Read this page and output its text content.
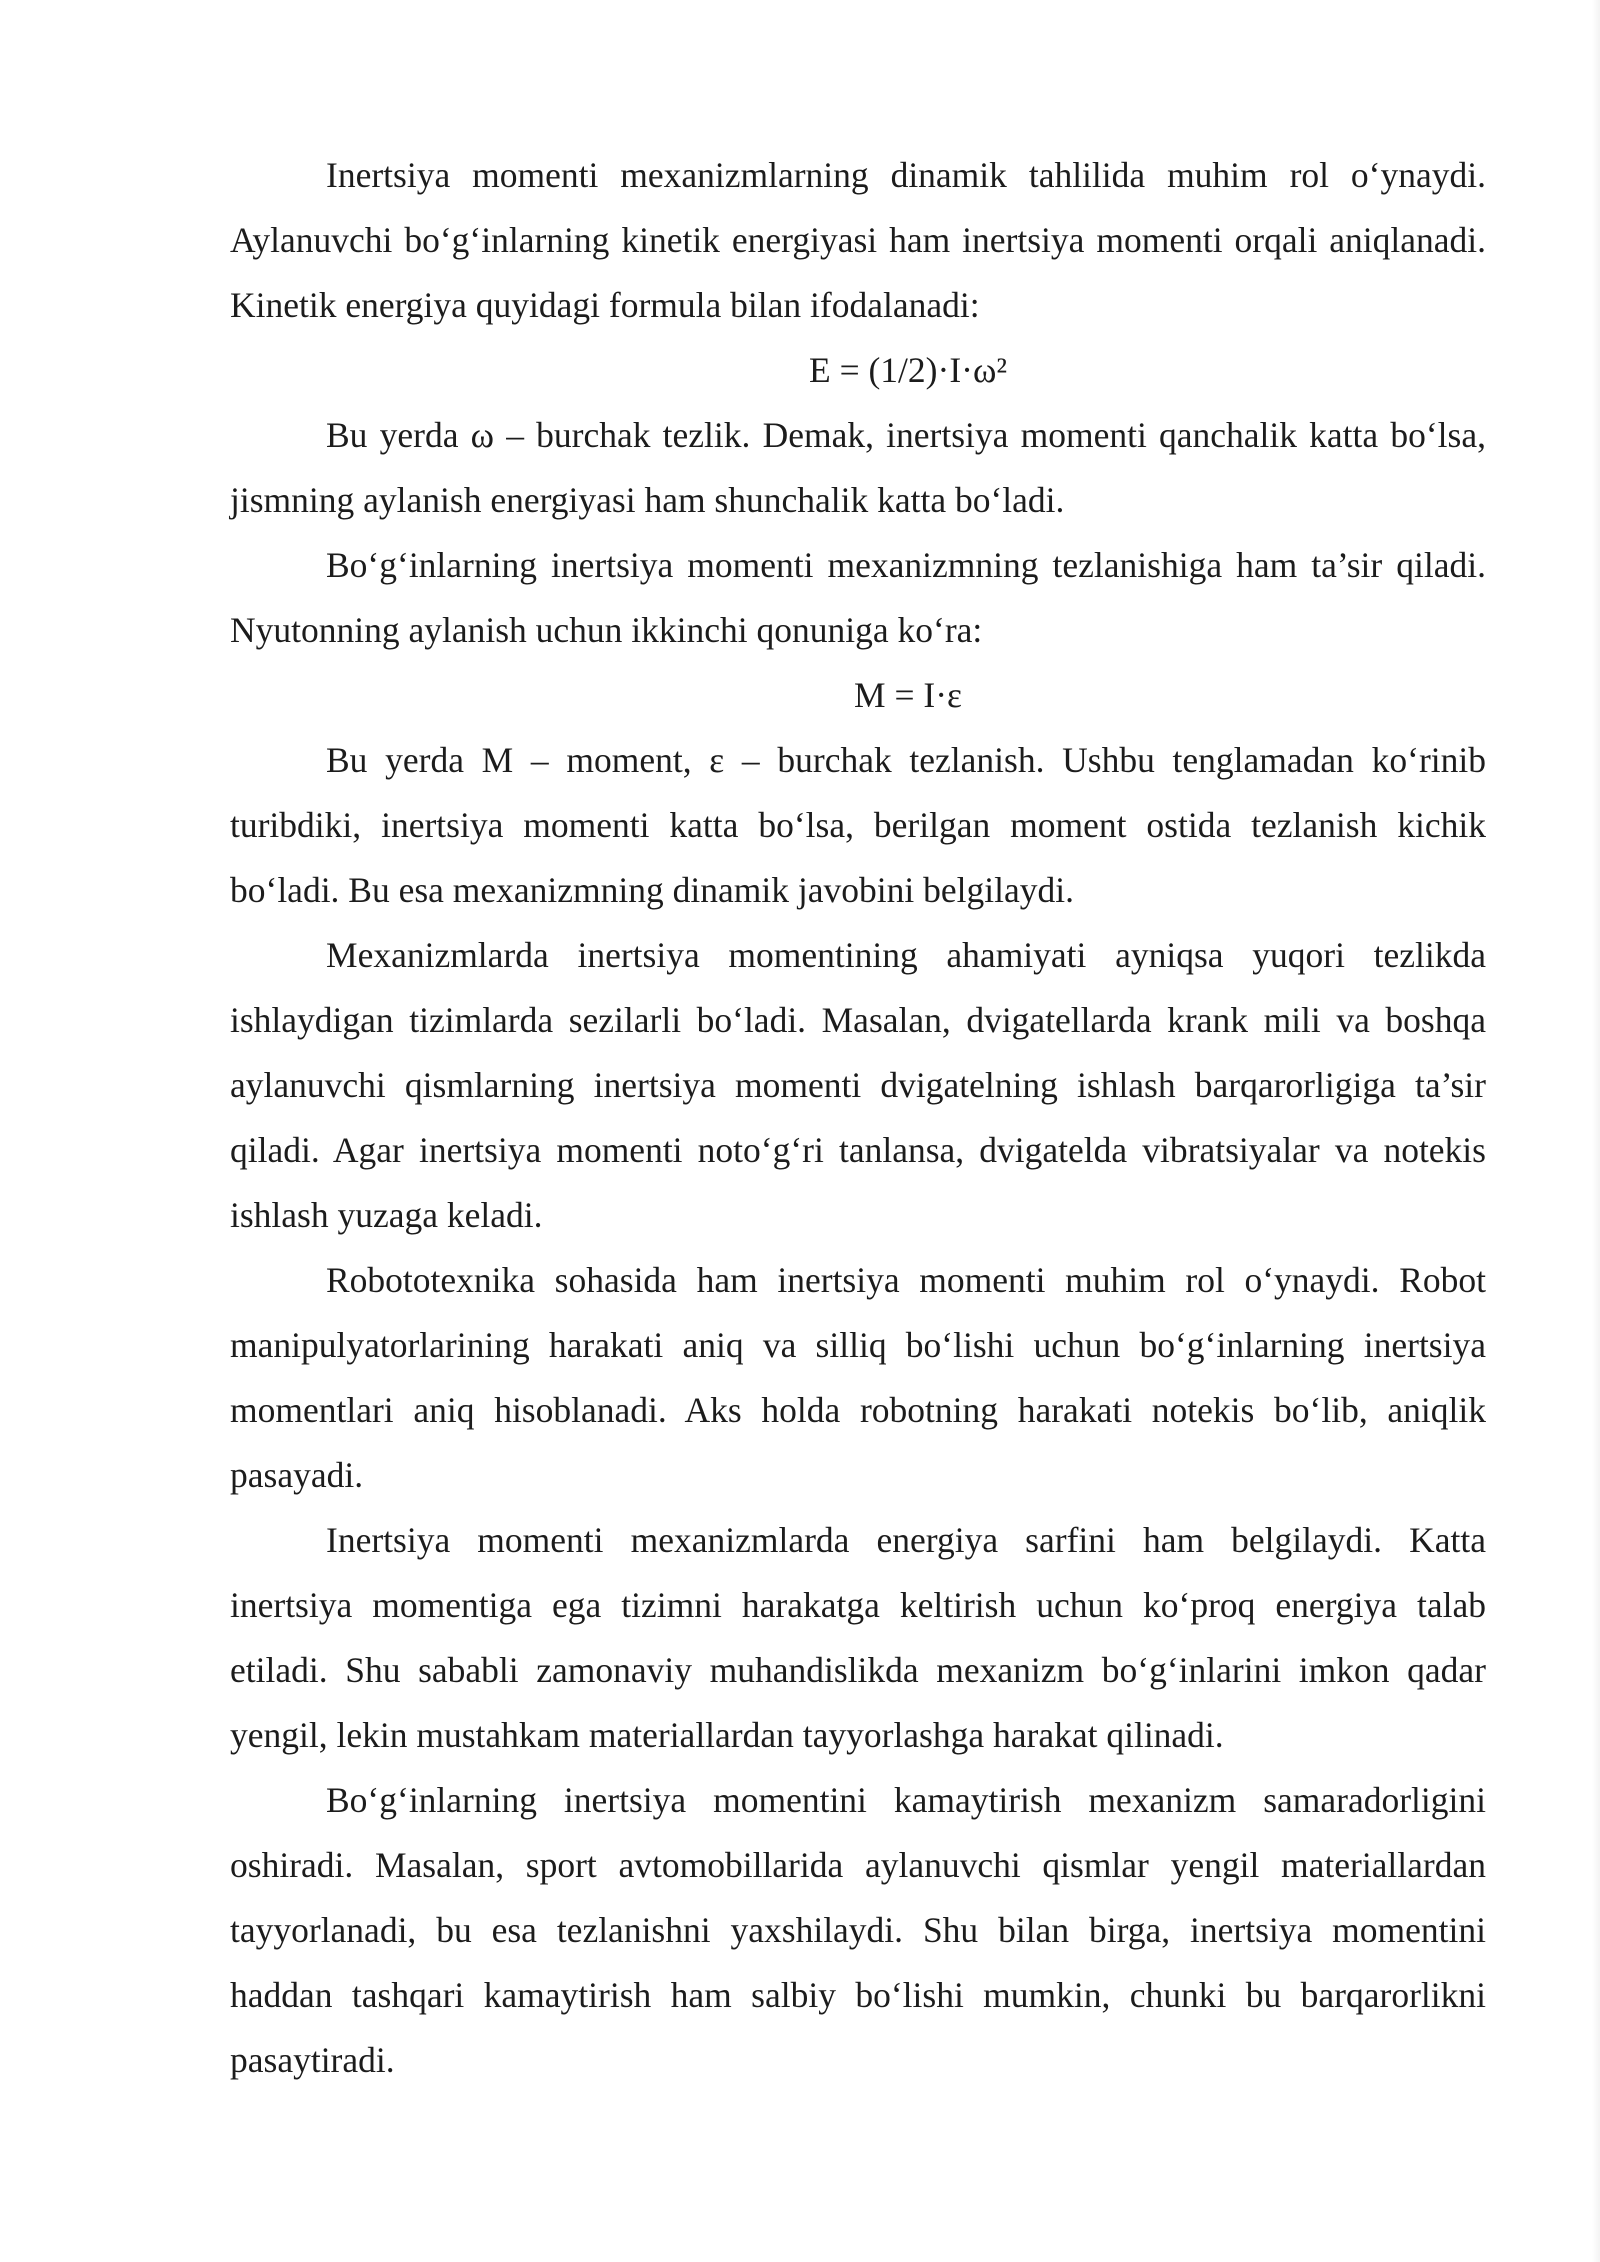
Inertsiya momenti mexanizmlarning dinamik tahlilida muhim rol o‘ynaydi. Aylanuvchi bo‘g‘inlarning kinetik energiyasi ham inertsiya momenti orqali aniqlanadi. Kinetik energiya quyidagi formula bilan ifodalanadi:

E = (1/2)·I·ω²

Bu yerda ω – burchak tezlik. Demak, inertsiya momenti qanchalik katta bo‘lsa, jismning aylanish energiyasi ham shunchalik katta bo‘ladi.

Bo‘g‘inlarning inertsiya momenti mexanizmning tezlanishiga ham ta’sir qiladi. Nyutonning aylanish uchun ikkinchi qonuniga ko‘ra:

M = I·ε

Bu yerda M – moment, ε – burchak tezlanish. Ushbu tenglamadan ko‘rinib turibdiki, inertsiya momenti katta bo‘lsa, berilgan moment ostida tezlanish kichik bo‘ladi. Bu esa mexanizmning dinamik javobini belgilaydi.

Mexanizmlarda inertsiya momentining ahamiyati ayniqsa yuqori tezlikda ishlaydigan tizimlarda sezilarli bo‘ladi. Masalan, dvigatellarda krank mili va boshqa aylanuvchi qismlarning inertsiya momenti dvigatelning ishlash barqarorligiga ta’sir qiladi. Agar inertsiya momenti noto‘g‘ri tanlansa, dvigatelda vibratsiyalar va notekis ishlash yuzaga keladi.

Robototexnika sohasida ham inertsiya momenti muhim rol o‘ynaydi. Robot manipulyatorlarining harakati aniq va silliq bo‘lishi uchun bo‘g‘inlarning inertsiya momentlari aniq hisoblanadi. Aks holda robotning harakati notekis bo‘lib, aniqlik pasayadi.

Inertsiya momenti mexanizmlarda energiya sarfini ham belgilaydi. Katta inertsiya momentiga ega tizimni harakatga keltirish uchun ko‘proq energiya talab etiladi. Shu sababli zamonaviy muhandislikda mexanizm bo‘g‘inlarini imkon qadar yengil, lekin mustahkam materiallardan tayyorlashga harakat qilinadi.

Bo‘g‘inlarning inertsiya momentini kamaytirish mexanizm samaradorligini oshiradi. Masalan, sport avtomobillarida aylanuvchi qismlar yengil materiallardan tayyorlanadi, bu esa tezlanishni yaxshilaydi. Shu bilan birga, inertsiya momentini haddan tashqari kamaytirish ham salbiy bo‘lishi mumkin, chunki bu barqarorlikni pasaytiradi.
